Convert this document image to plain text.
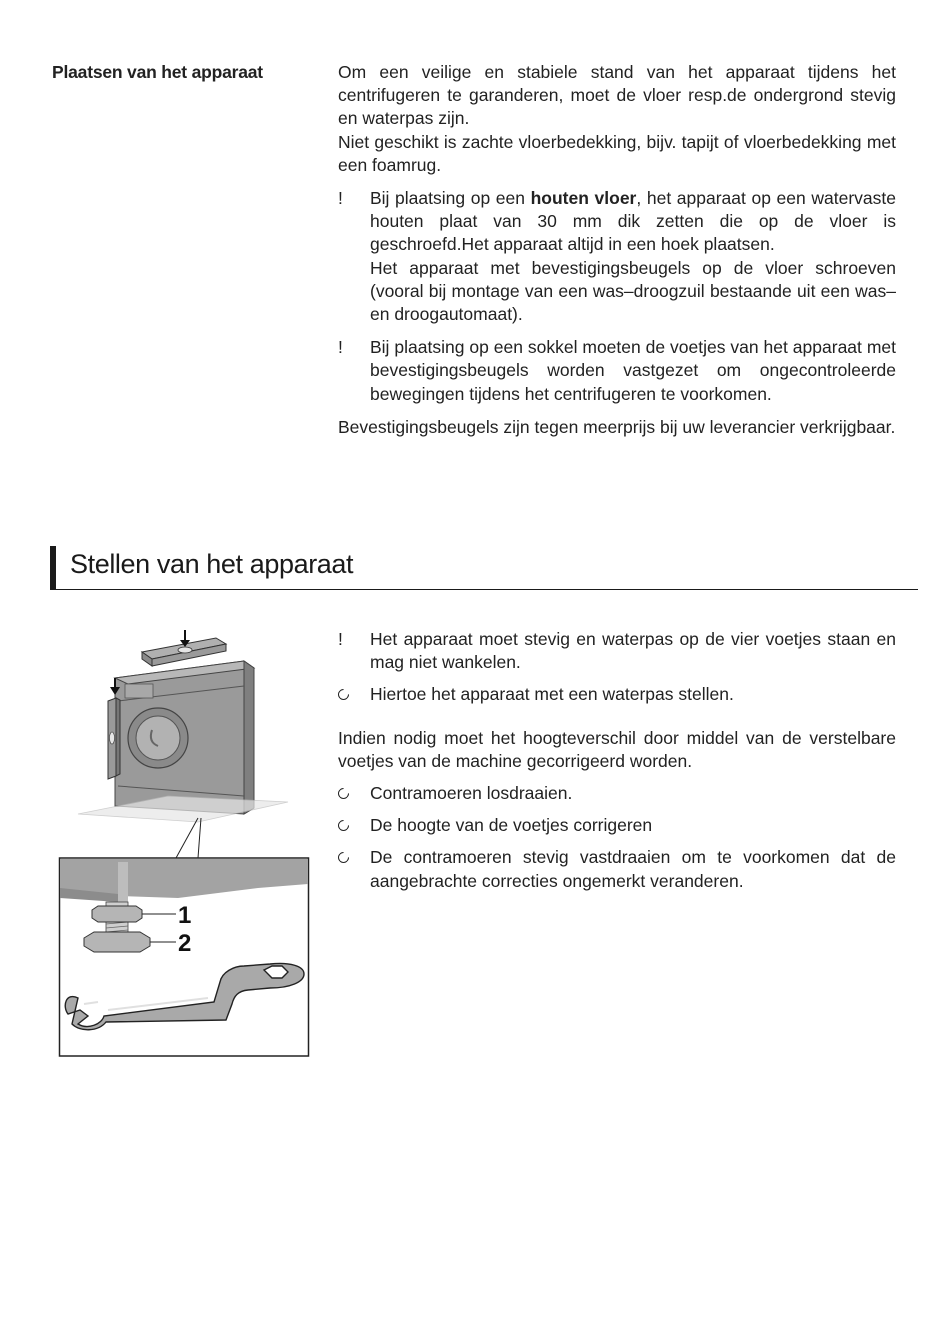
Plaatsen van het apparaat	Om een veilige en stabiele stand van het apparaat tijdens het centrifugeren te garanderen, moet de vloer resp.de ondergrond stevig en waterpas zijn.

Niet geschikt is zachte vloerbedekking, bijv. tapijt of vloerbedekking met een foamrug.

!	Bij plaatsing op een houten vloer, het apparaat op een watervaste houten plaat van 30 mm dik zetten die op de vloer is geschroefd.Het apparaat altijd in een hoek plaatsen.

Het apparaat met bevestigingsbeugels op de vloer schroeven (vooral bij montage van een was–droogzuil bestaande uit een was– en droogautomaat).

!	Bij plaatsing op een sokkel moeten de voetjes van het apparaat met bevestigingsbeugels worden vastgezet om ongecontroleerde bewegingen tijdens het centrifugeren te voorkomen.

Bevestigingsbeugels zijn tegen meerprijs bij uw leverancier verkrijgbaar.

Stellen van het apparaat
1
2
!	Het apparaat moet stevig en waterpas op de vier voetjes staan en mag niet wankelen.

Hiertoe het apparaat met een waterpas stellen.

Indien nodig moet het hoogteverschil door middel van de verstelbare voetjes van de machine gecorrigeerd worden.

Contramoeren losdraaien.

De hoogte van de voetjes corrigeren

De contramoeren stevig vastdraaien om te voorkomen dat de aangebrachte correcties ongemerkt veranderen.
